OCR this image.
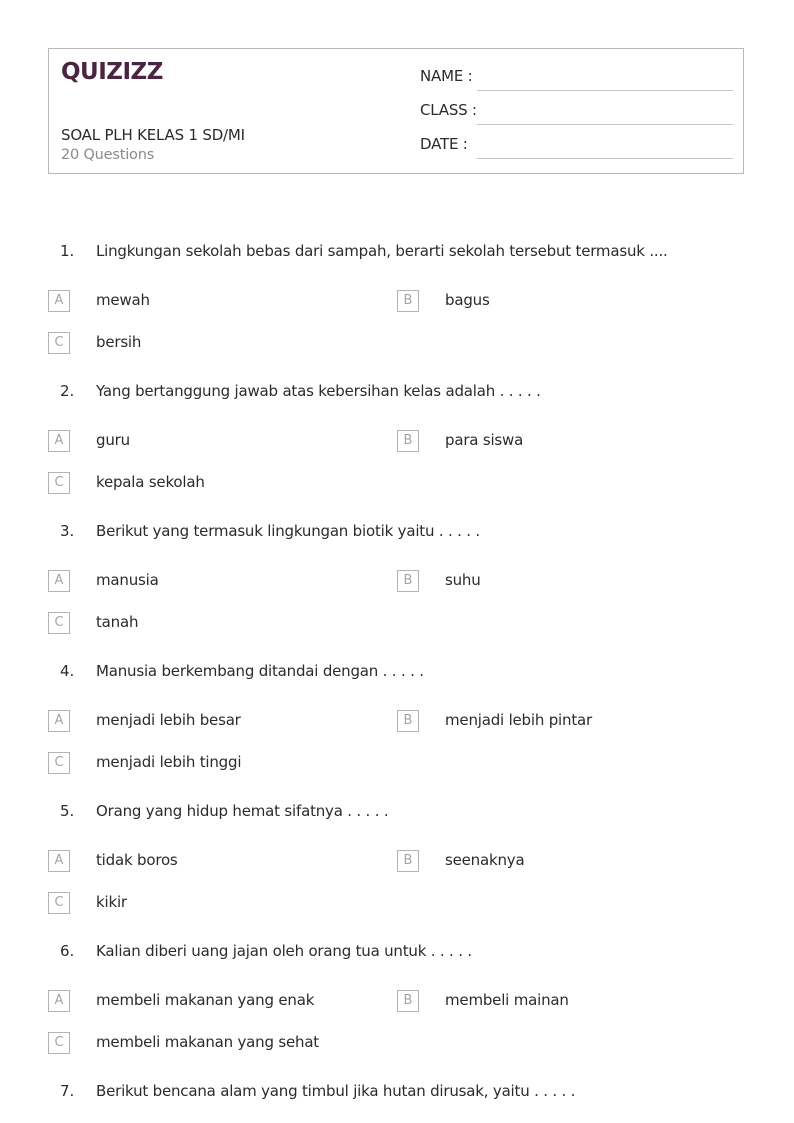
QUIZIZZ
SOAL PLH KELAS 1 SD/MI
20 Questions
NAME :
CLASS :
DATE :
1. Lingkungan sekolah bebas dari sampah, berarti sekolah tersebut termasuk ....
A	mewah	B	bagus
C	bersih
2. Yang bertanggung jawab atas kebersihan kelas adalah . . . . .
A	guru	B	para siswa
C	kepala sekolah
3. Berikut yang termasuk lingkungan biotik yaitu . . . . .
A	manusia	B	suhu
C	tanah
4. Manusia berkembang ditandai dengan . . . . .
A	menjadi lebih besar	B	menjadi lebih pintar
C	menjadi lebih tinggi
5. Orang yang hidup hemat sifatnya . . . . .
A	tidak boros	B	seenaknya
C	kikir
6. Kalian diberi uang jajan oleh orang tua untuk . . . . .
A	membeli makanan yang enak	B	membeli mainan
C	membeli makanan yang sehat
7. Berikut bencana alam yang timbul jika hutan dirusak, yaitu . . . . .
